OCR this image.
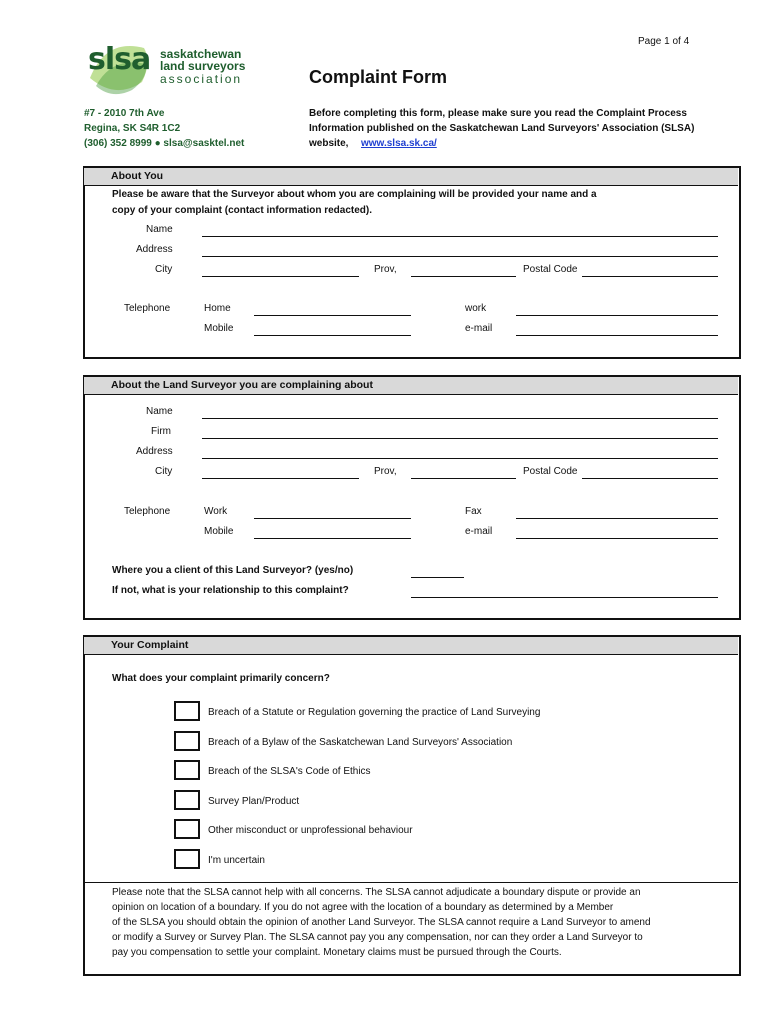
Page 1 of 4
slsa saskatchewan
land surveyors
association	Complaint Form
#7 - 2010 7th Ave
Regina, SK S4R 1C2
(306) 352 8999 ● slsa@sasktel.net
Before completing this form, please make sure you read the Complaint Process
Information published on the Saskatchewan Land Surveyors' Association (SLSA)
website, www.slsa.sk.ca/
About You
Please be aware that the Surveyor about whom you are complaining will be provided your name and a
copy of your complaint (contact information redacted).
Name
Address
City	Prov,	Postal Code
Telephone	Home	work
Mobile	e-mail
About the Land Surveyor you are complaining about
Name
Firm
Address
City	Prov,	Postal Code
Telephone	Work	Fax
Mobile	e-mail
Where you a client of this Land Surveyor? (yes/no)
If not, what is your relationship to this complaint?
Your Complaint
What does your complaint primarily concern?
Breach of a Statute or Regulation governing the practice of Land Surveying
Breach of a Bylaw of the Saskatchewan Land Surveyors' Association
Breach of the SLSA's Code of Ethics
Survey Plan/Product
Other misconduct or unprofessional behaviour
I'm uncertain
Please note that the SLSA cannot help with all concerns. The SLSA cannot adjudicate a boundary dispute or provide an
opinion on location of a boundary. If you do not agree with the location of a boundary as determined by a Member
of the SLSA you should obtain the opinion of another Land Surveyor. The SLSA cannot require a Land Surveyor to amend
or modify a Survey or Survey Plan. The SLSA cannot pay you any compensation, nor can they order a Land Surveyor to
pay you compensation to settle your complaint. Monetary claims must be pursued through the Courts.
